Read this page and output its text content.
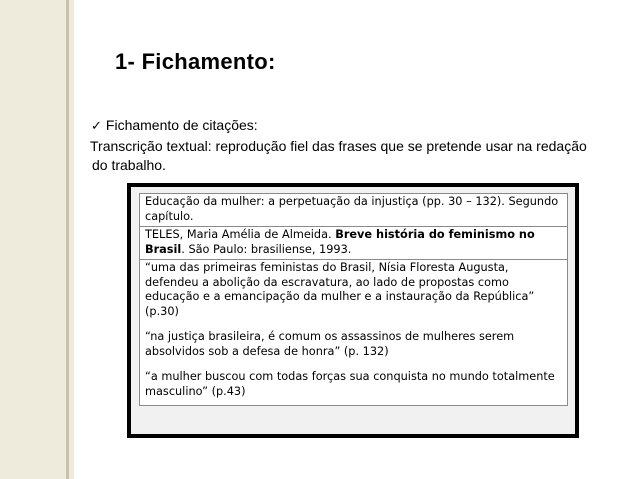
1- Fichamento:
✓ Fichamento de citações:
Transcrição textual: reprodução fiel das frases que se pretende usar na redação
do trabalho.
Educação da mulher: a perpetuação da injustiça (pp. 30 – 132). Segundo capítulo.
TELES, Maria Amélia de Almeida. Breve história do feminismo no Brasil. São Paulo: brasiliense, 1993.

“uma das primeiras feministas do Brasil, Nísia Floresta Augusta, defendeu a abolição da escravatura, ao lado de propostas como educação e a emancipação da mulher e a instauração da República” (p.30)
“na justiça brasileira, é comum os assassinos de mulheres serem absolvidos sob a defesa de honra” (p. 132)
“a mulher buscou com todas forças sua conquista no mundo totalmente masculino” (p.43)
